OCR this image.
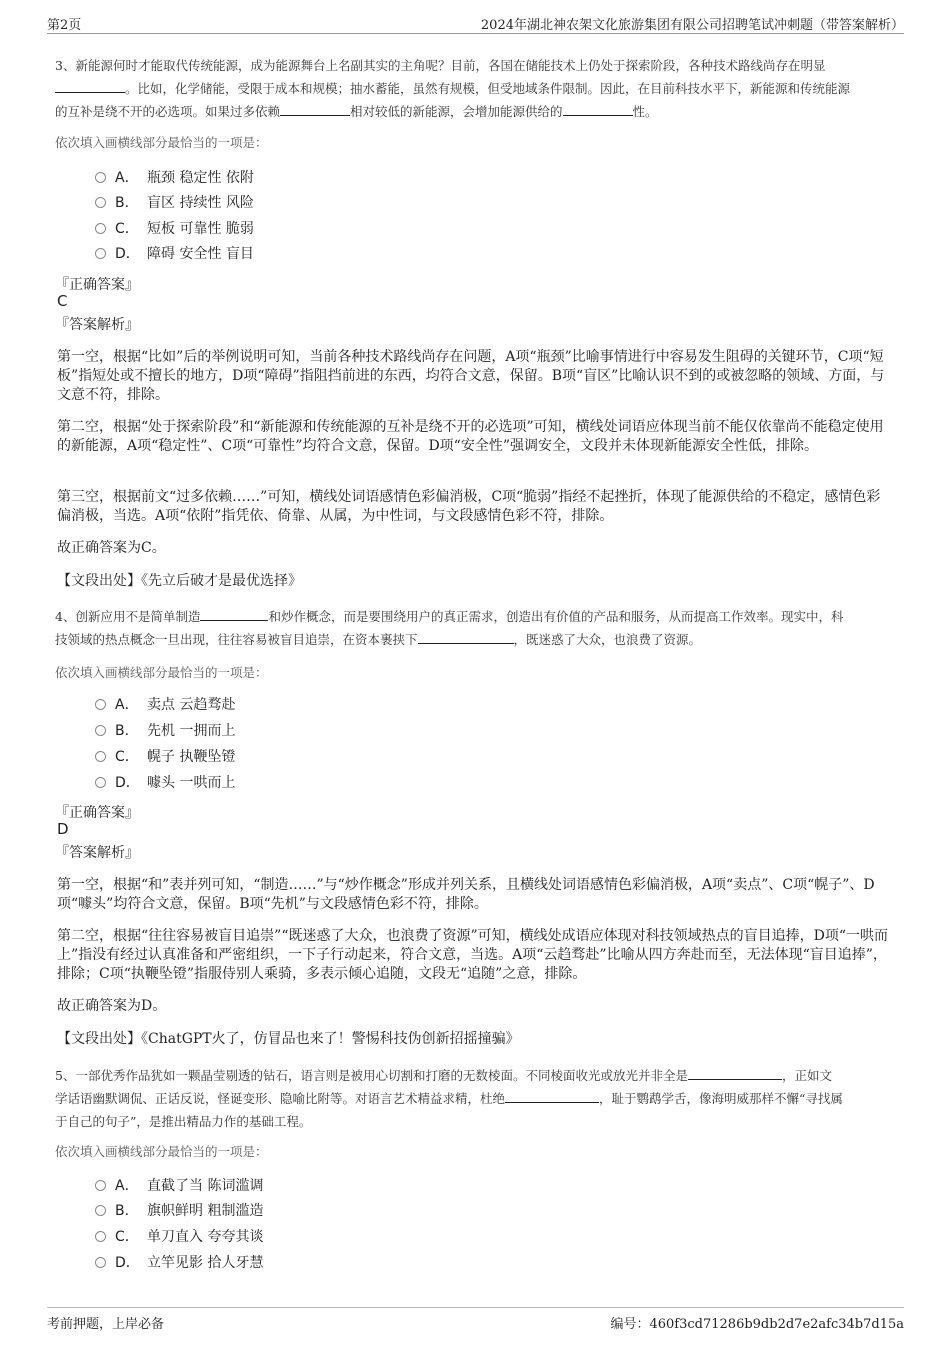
第2页	2024年湖北神农架文化旅游集团有限公司招聘笔试冲刺题（带答案解析）
3、新能源何时才能取代传统能源，成为能源舞台上名副其实的主角呢？目前，各国在储能技术上仍处于探索阶段，各种技术路线尚存在明显
。比如，化学储能，受限于成本和规模；抽水蓄能，虽然有规模，但受地域条件限制。因此，在目前科技水平下，新能源和传统能源
的互补是绕不开的必选项。如果过多依赖	相对较低的新能源，会增加能源供给的	性。
依次填入画横线部分最恰当的一项是：
A． 瓶颈 稳定性 依附
B． 盲区 持续性 风险
C． 短板 可靠性 脆弱
D． 障碍 安全性 盲目
『正确答案』
C
『答案解析』
第一空，根据“比如”后的举例说明可知，当前各种技术路线尚存在问题，A项“瓶颈”比喻事情进行中容易发生阻碍的关键环节，C项“短板”指短处或不擅长的地方，D项“障碍”指阻挡前进的东西，均符合文意，保留。B项“盲区”比喻认识不到的或被忽略的领域、方面，与文意不符，排除。
第二空，根据“处于探索阶段”和“新能源和传统能源的互补是绕不开的必选项”可知，横线处词语应体现当前不能仅依靠尚不能稳定使用的新能源，A项“稳定性”、C项“可靠性”均符合文意，保留。D项“安全性”强调安全，文段并未体现新能源安全性低，排除。
第三空，根据前文“过多依赖……”可知，横线处词语感情色彩偏消极，C项“脆弱”指经不起挫折，体现了能源供给的不稳定，感情色彩偏消极，当选。A项“依附”指凭依、倚靠、从属，为中性词，与文段感情色彩不符，排除。
故正确答案为C。
【文段出处】《先立后破才是最优选择》
4、创新应用不是简单制造	和炒作概念，而是要围绕用户的真正需求，创造出有价值的产品和服务，从而提高工作效率。现实中，科
技领域的热点概念一旦出现，往往容易被盲目追崇，在资本裹挟下	，既迷惑了大众，也浪费了资源。
依次填入画横线部分最恰当的一项是：
A． 卖点 云趋骛赴
B． 先机 一拥而上
C． 幌子 执鞭坠镫
D． 噱头 一哄而上
『正确答案』
D
『答案解析』
第一空，根据“和”表并列可知，“制造……”与“炒作概念”形成并列关系，且横线处词语感情色彩偏消极，A项“卖点”、C项“幌子”、D项“噱头”均符合文意，保留。B项“先机”与文段感情色彩不符，排除。
第二空，根据“往往容易被盲目追崇”“既迷惑了大众，也浪费了资源”可知，横线处成语应体现对科技领域热点的盲目追捧，D项“一哄而上”指没有经过认真准备和严密组织，一下子行动起来，符合文意，当选。A项“云趋骛赴”比喻从四方奔赴而至，无法体现“盲目追捧”，排除；C项“执鞭坠镫”指服侍别人乘骑，多表示倾心追随，文段无“追随”之意，排除。
故正确答案为D。
【文段出处】《ChatGPT火了，仿冒品也来了！警惕科技伪创新招摇撞骗》
5、一部优秀作品犹如一颗晶莹剔透的钻石，语言则是被用心切割和打磨的无数棱面。不同棱面收光或放光并非全是	，正如文
学话语幽默调侃、正话反说，怪诞变形、隐喻比附等。对语言艺术精益求精，杜绝	，耻于鹦鹉学舌，像海明威那样不懈“寻找属
于自己的句子”，是推出精品力作的基础工程。
依次填入画横线部分最恰当的一项是：
A． 直截了当 陈词滥调
B． 旗帜鲜明 粗制滥造
C． 单刀直入 夸夸其谈
D． 立竿见影 拾人牙慧
考前押题，上岸必备	编号：460f3cd71286b9db2d7e2afc34b7d15a
